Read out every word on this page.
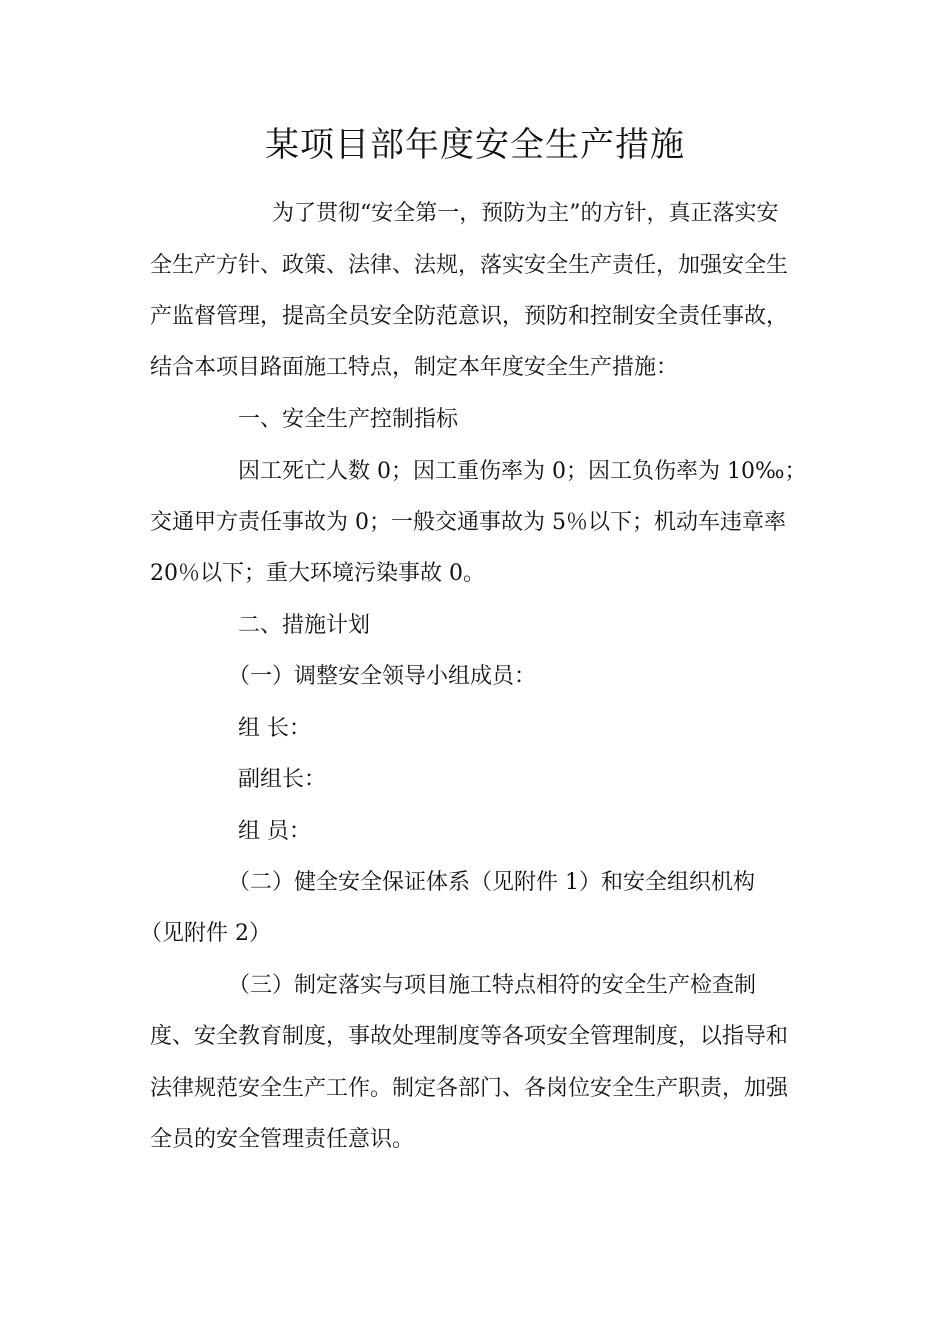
某项目部年度安全生产措施

为了贯彻“安全第一，预防为主”的方针，真正落实安

全生产方针、政策、法律、法规，落实安全生产责任，加强安全生

产监督管理，提高全员安全防范意识，预防和控制安全责任事故，

结合本项目路面施工特点，制定本年度安全生产措施：

一、安全生产控制指标

因工死亡人数 0；因工重伤率为 0；因工负伤率为 10‰；

交通甲方责任事故为 0；一般交通事故为 5％以下；机动车违章率

20％以下；重大环境污染事故 0。

二、措施计划

（一）调整安全领导小组成员：

组 长：

副组长：

组 员：

（二）健全安全保证体系（见附件 1）和安全组织机构

（见附件 2）

（三）制定落实与项目施工特点相符的安全生产检查制

度、安全教育制度，事故处理制度等各项安全管理制度，以指导和

法律规范安全生产工作。制定各部门、各岗位安全生产职责，加强

全员的安全管理责任意识。
